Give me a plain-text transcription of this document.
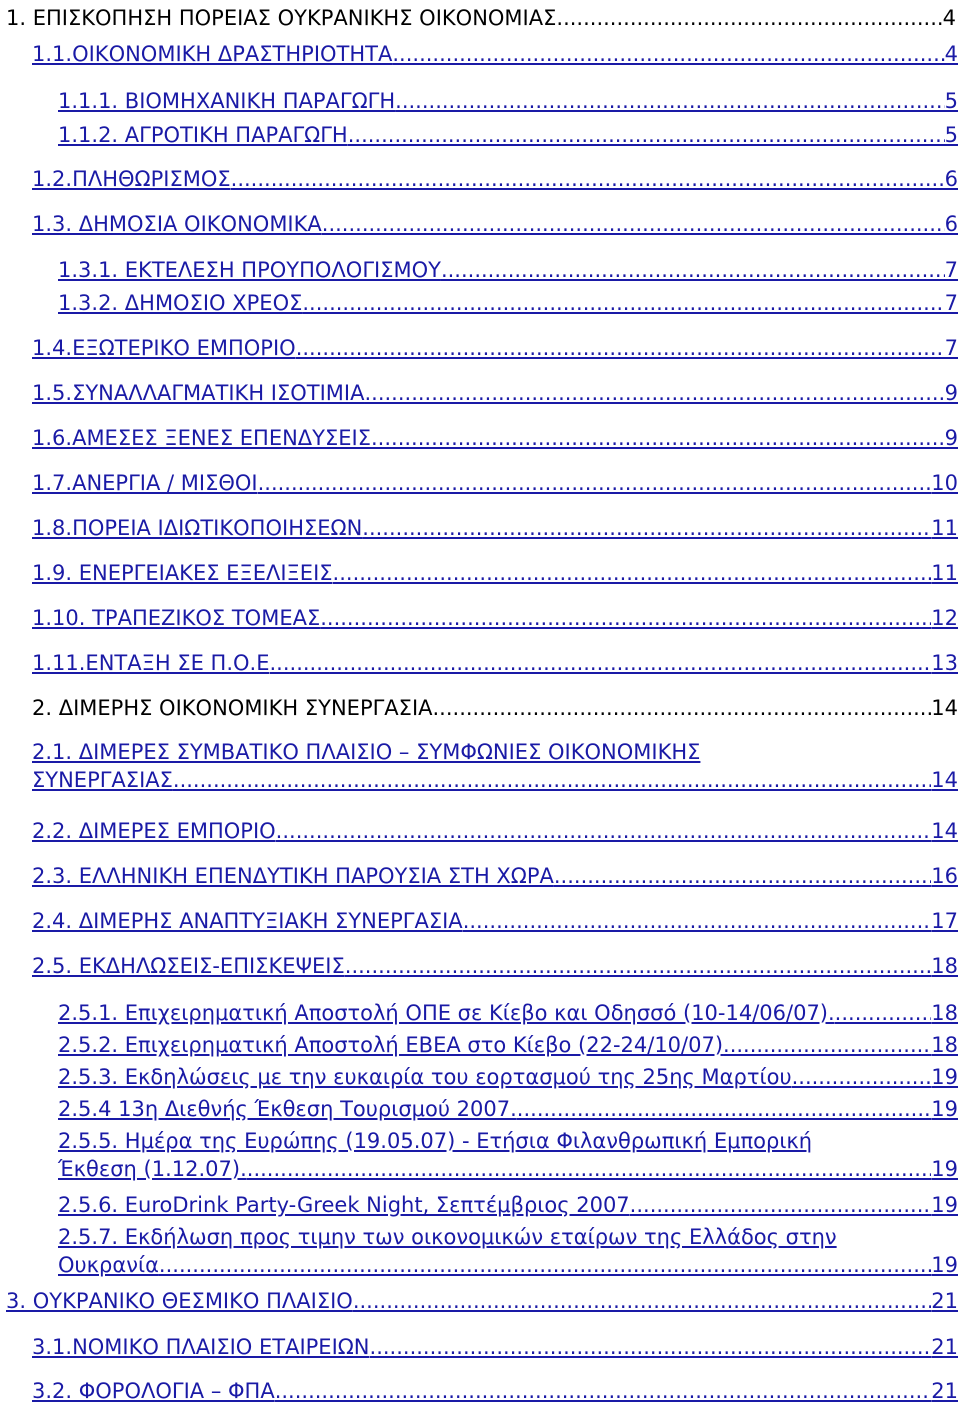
1. ΕΠΙΣΚΟΠΗΣΗ ΠΟΡΕΙΑΣ ΟΥΚΡΑΝΙΚΗΣ ΟΙΚΟΝΟΜΙΑΣ .....	4
1.1.ΟΙΚΟΝΟΜΙΚΗ ΔΡΑΣΤΗΡΙΟΤΗΤΑ .....	4
1.1.1. ΒΙΟΜΗΧΑΝΙΚΗ ΠΑΡΑΓΩΓΗ .....	5
1.1.2. ΑΓΡΟΤΙΚΗ ΠΑΡΑΓΩΓΗ .....	5
1.2.ΠΛΗΘΩΡΙΣΜΟΣ .....	6
1.3. ΔΗΜΟΣΙΑ ΟΙΚΟΝΟΜΙΚΑ .....	6
1.3.1. ΕΚΤΕΛΕΣΗ ΠΡΟΥΠΟΛΟΓΙΣΜΟΥ .....	7
1.3.2. ΔΗΜΟΣΙΟ ΧΡΕΟΣ .....	7
1.4.ΕΞΩΤΕΡΙΚΟ ΕΜΠΟΡΙΟ .....	7
1.5.ΣΥΝΑΛΛΑΓΜΑΤΙΚΗ ΙΣΟΤΙΜΙΑ .....	9
1.6.ΑΜΕΣΕΣ ΞΕΝΕΣ ΕΠΕΝΔΥΣΕΙΣ .....	9
1.7.ΑΝΕΡΓΙΑ / ΜΙΣΘΟΙ .....	10
1.8.ΠΟΡΕΙΑ ΙΔΙΩΤΙΚΟΠΟΙΗΣΕΩΝ .....	11
1.9. ΕΝΕΡΓΕΙΑΚΕΣ ΕΞΕΛΙΞΕΙΣ .....	11
1.10. ΤΡΑΠΕΖΙΚΟΣ ΤΟΜΕΑΣ .....	12
1.11.ΕΝΤΑΞΗ ΣΕ Π.Ο.Ε .....	13
2. ΔΙΜΕΡΗΣ ΟΙΚΟΝΟΜΙΚΗ ΣΥΝΕΡΓΑΣΙΑ .....	14
2.1. ΔΙΜΕΡΕΣ ΣΥΜΒΑΤΙΚΟ ΠΛΑΙΣΙΟ – ΣΥΜΦΩΝΙΕΣ ΟΙΚΟΝΟΜΙΚΗΣ
ΣΥΝΕΡΓΑΣΙΑΣ .....	14
2.2. ΔΙΜΕΡΕΣ ΕΜΠΟΡΙΟ .....	14
2.3. ΕΛΛΗΝΙΚΗ ΕΠΕΝΔΥΤΙΚΗ ΠΑΡΟΥΣΙΑ ΣΤΗ ΧΩΡΑ .....	16
2.4. ΔΙΜΕΡΗΣ ΑΝΑΠΤΥΞΙΑΚΗ ΣΥΝΕΡΓΑΣΙΑ .....	17
2.5. ΕΚΔΗΛΩΣΕΙΣ-ΕΠΙΣΚΕΨΕΙΣ .....	18
2.5.1. Επιχειρηματική Αποστολή ΟΠΕ σε Κίεβο και Οδησσό (10-14/06/07). .....	18
2.5.2. Επιχειρηματική Αποστολή ΕΒΕΑ στο Κίεβο (22-24/10/07) .....	18
2.5.3. Εκδηλώσεις με την ευκαιρία του εορτασμού της 25ης Μαρτίου .....	19
2.5.4 13η Διεθνής Έκθεση Τουρισμού 2007. .....	19
2.5.5. Ημέρα της Ευρώπης (19.05.07) - Ετήσια Φιλανθρωπική Εμπορική
Έκθεση (1.12.07). .....	19
2.5.6. EuroDrink Party-Greek Night, Σεπτέμβριος 2007 .....	19
2.5.7. Εκδήλωση προς τιμην των οικονομικών εταίρων της Ελλάδος στην
Ουκρανία .....	19
3. ΟΥΚΡΑΝΙΚΟ ΘΕΣΜΙΚΟ ΠΛΑΙΣΙΟ .....	21
3.1.ΝΟΜΙΚΟ ΠΛΑΙΣΙΟ ΕΤΑΙΡΕΙΩΝ .....	21
3.2. ΦΟΡΟΛΟΓΙΑ – ΦΠΑ .....	21
